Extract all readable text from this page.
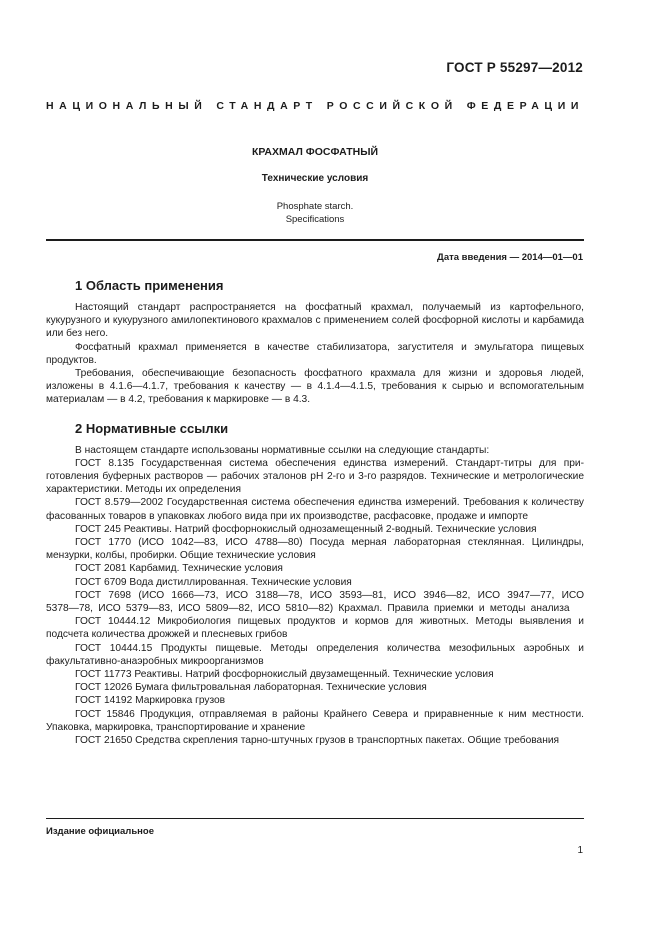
ГОСТ Р 55297—2012
НАЦИОНАЛЬНЫЙ СТАНДАРТ РОССИЙСКОЙ ФЕДЕРАЦИИ
КРАХМАЛ ФОСФАТНЫЙ
Технические условия
Phosphate starch.
Specifications
Дата введения — 2014—01—01
1 Область применения

Настоящий стандарт распространяется на фосфатный крахмал, получаемый из картофельного, кукурузного и кукурузного амилопектинового крахмалов с применением солей фосфорной кислоты и карбамида или без него.

Фосфатный крахмал применяется в качестве стабилизатора, загустителя и эмульгатора пищевых продуктов.

Требования, обеспечивающие безопасность фосфатного крахмала для жизни и здоровья людей, изложены в 4.1.6—4.1.7, требования к качеству — в 4.1.4—4.1.5, требования к сырью и вспомогательным материалам — в 4.2, требования к маркировке — в 4.3.

2 Нормативные ссылки

В настоящем стандарте использованы нормативные ссылки на следующие стандарты:

ГОСТ 8.135 Государственная система обеспечения единства измерений. Стандарт-титры для приготовления буферных растворов — рабочих эталонов pH 2-го и 3-го разрядов. Технические и метрологические характеристики. Методы их определения

ГОСТ 8.579—2002 Государственная система обеспечения единства измерений. Требования к количеству фасованных товаров в упаковках любого вида при их производстве, расфасовке, продаже и импорте

ГОСТ 245 Реактивы. Натрий фосфорнокислый однозамещенный 2-водный. Технические условия

ГОСТ 1770 (ИСО 1042—83, ИСО 4788—80) Посуда мерная лабораторная стеклянная. Цилиндры, мензурки, колбы, пробирки. Общие технические условия

ГОСТ 2081 Карбамид. Технические условия

ГОСТ 6709 Вода дистиллированная. Технические условия

ГОСТ 7698 (ИСО 1666—73, ИСО 3188—78, ИСО 3593—81, ИСО 3946—82, ИСО 3947—77, ИСО 5378—78, ИСО 5379—83, ИСО 5809—82, ИСО 5810—82) Крахмал. Правила приемки и методы анализа

ГОСТ 10444.12 Микробиология пищевых продуктов и кормов для животных. Методы выявления и подсчета количества дрожжей и плесневых грибов

ГОСТ 10444.15 Продукты пищевые. Методы определения количества мезофильных аэробных и факультативно-анаэробных микроорганизмов

ГОСТ 11773 Реактивы. Натрий фосфорнокислый двузамещенный. Технические условия

ГОСТ 12026 Бумага фильтровальная лабораторная. Технические условия

ГОСТ 14192 Маркировка грузов

ГОСТ 15846 Продукция, отправляемая в районы Крайнего Севера и приравненные к ним местности. Упаковка, маркировка, транспортирование и хранение

ГОСТ 21650 Средства скрепления тарно-штучных грузов в транспортных пакетах. Общие требования

Издание официальное
1
